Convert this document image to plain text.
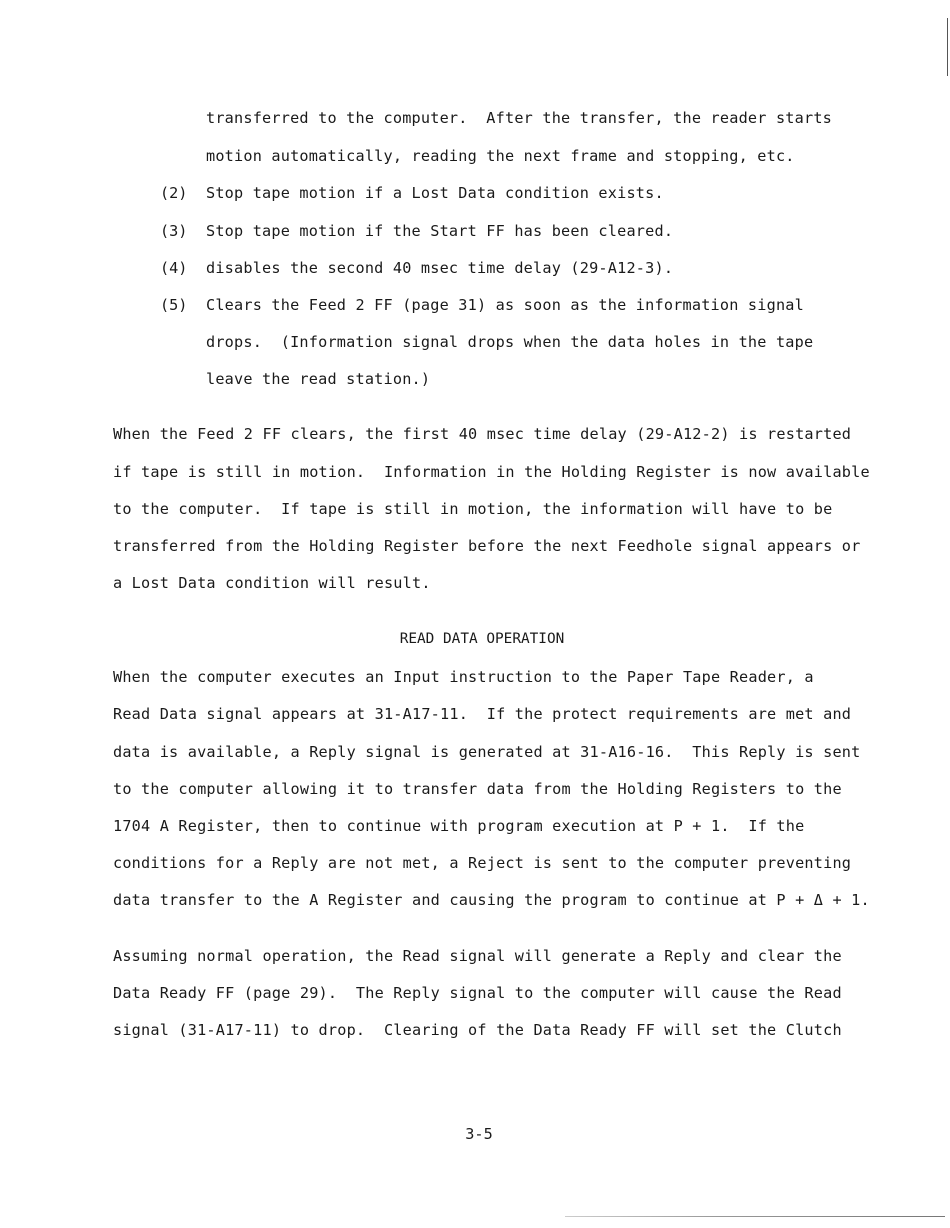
transferred to the computer.  After the transfer, the reader starts
motion automatically, reading the next frame and stopping, etc.
(2) Stop tape motion if a Lost Data condition exists.
(3) Stop tape motion if the Start FF has been cleared.
(4) disables the second 40 msec time delay (29-A12-3).
(5) Clears the Feed 2 FF (page 31) as soon as the information signal
drops.  (Information signal drops when the data holes in the tape
leave the read station.)
When the Feed 2 FF clears, the first 40 msec time delay (29-A12-2) is restarted
if tape is still in motion.  Information in the Holding Register is now available
to the computer.  If tape is still in motion, the information will have to be
transferred from the Holding Register before the next Feedhole signal appears or
a Lost Data condition will result.
READ DATA OPERATION
When the computer executes an Input instruction to the Paper Tape Reader, a
Read Data signal appears at 31-A17-11.  If the protect requirements are met and
data is available, a Reply signal is generated at 31-A16-16.  This Reply is sent
to the computer allowing it to transfer data from the Holding Registers to the
1704 A Register, then to continue with program execution at P + 1.  If the
conditions for a Reply are not met, a Reject is sent to the computer preventing
data transfer to the A Register and causing the program to continue at P + Δ + 1.
Assuming normal operation, the Read signal will generate a Reply and clear the
Data Ready FF (page 29).  The Reply signal to the computer will cause the Read
signal (31-A17-11) to drop.  Clearing of the Data Ready FF will set the Clutch
3-5
